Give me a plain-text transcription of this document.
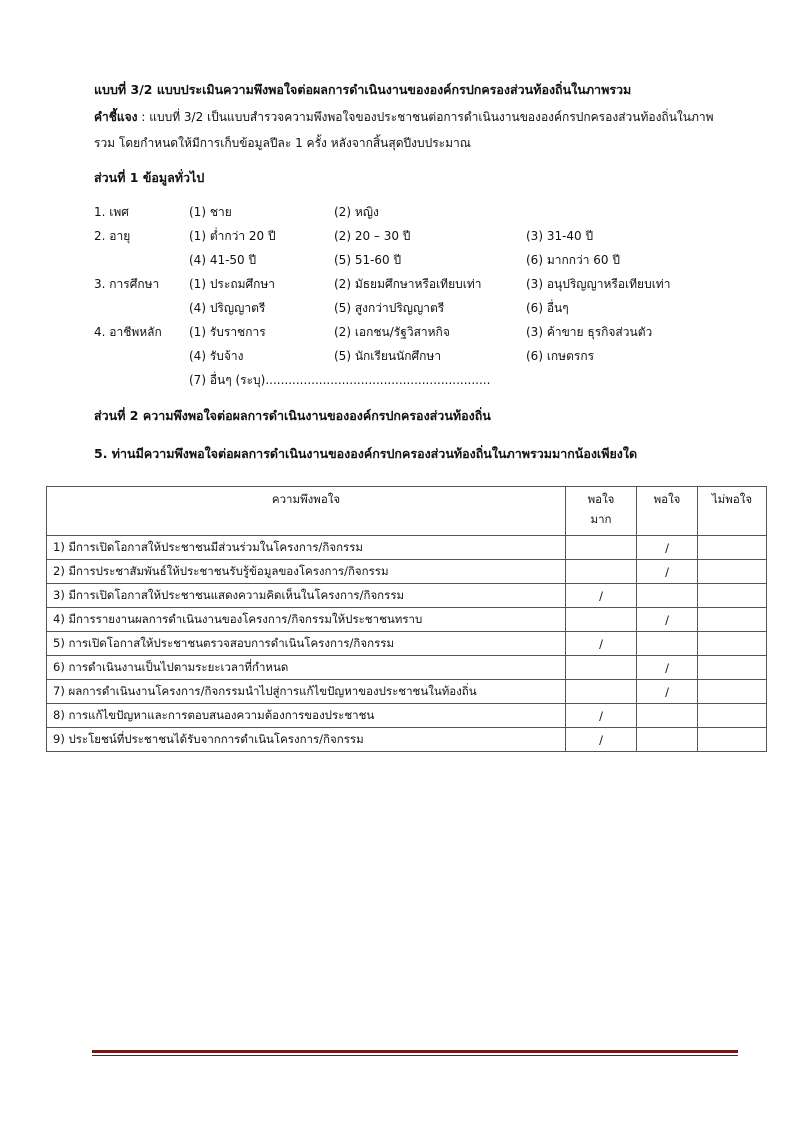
แบบที่ 3/2 แบบประเมินความพึงพอใจต่อผลการดำเนินงานขององค์กรปกครองส่วนท้องถิ่นในภาพรวม
คำชี้แจง : แบบที่ 3/2 เป็นแบบสำรวจความพึงพอใจของประชาชนต่อการดำเนินงานขององค์กรปกครองส่วนท้องถิ่นในภาพรวม โดยกำหนดให้มีการเก็บข้อมูลปีละ 1 ครั้ง หลังจากสิ้นสุดปีงบประมาณ
ส่วนที่ 1 ข้อมูลทั่วไป
1. เพศ	(1) ชาย	(2) หญิง
2. อายุ	(1) ต่ำกว่า 20 ปี	(2) 20 – 30 ปี	(3) 31-40 ปี
(4) 41-50 ปี	(5) 51-60 ปี	(6) มากกว่า 60 ปี
3. การศึกษา (1) ประถมศึกษา	(2) มัธยมศึกษาหรือเทียบเท่า	(3) อนุปริญญาหรือเทียบเท่า
(4) ปริญญาตรี	(5) สูงกว่าปริญญาตรี	(6) อื่นๆ
4. อาชีพหลัก (1) รับราชการ	(2) เอกชน/รัฐวิสาหกิจ	(3) ค้าขาย ธุรกิจส่วนตัว
(4) รับจ้าง	(5) นักเรียนนักศึกษา	(6) เกษตรกร
(7) อื่นๆ (ระบุ)...........................................................
ส่วนที่ 2 ความพึงพอใจต่อผลการดำเนินงานขององค์กรปกครองส่วนท้องถิ่น
5. ท่านมีความพึงพอใจต่อผลการดำเนินงานขององค์กรปกครองส่วนท้องถิ่นในภาพรวมมากน้องเพียงใด
ความพึงพอใจ	พอใจมาก	พอใจ	ไม่พอใจ
1) มีการเปิดโอกาสให้ประชาชนมีส่วนร่วมในโครงการ/กิจกรรม		/	
2) มีการประชาสัมพันธ์ให้ประชาชนรับรู้ข้อมูลของโครงการ/กิจกรรม		/	
3) มีการเปิดโอกาสให้ประชาชนแสดงความคิดเห็นในโครงการ/กิจกรรม	/		
4) มีการรายงานผลการดำเนินงานของโครงการ/กิจกรรมให้ประชาชนทราบ		/	
5) การเปิดโอกาสให้ประชาชนตรวจสอบการดำเนินโครงการ/กิจกรรม	/		
6) การดำเนินงานเป็นไปตามระยะเวลาที่กำหนด		/	
7) ผลการดำเนินงานโครงการ/กิจกรรมนำไปสู่การแก้ไขปัญหาของประชาชนในท้องถิ่น		/	
8) การแก้ไขปัญหาและการตอบสนองความต้องการของประชาชน	/		
9) ประโยชน์ที่ประชาชนได้รับจากการดำเนินโครงการ/กิจกรรม	/		
